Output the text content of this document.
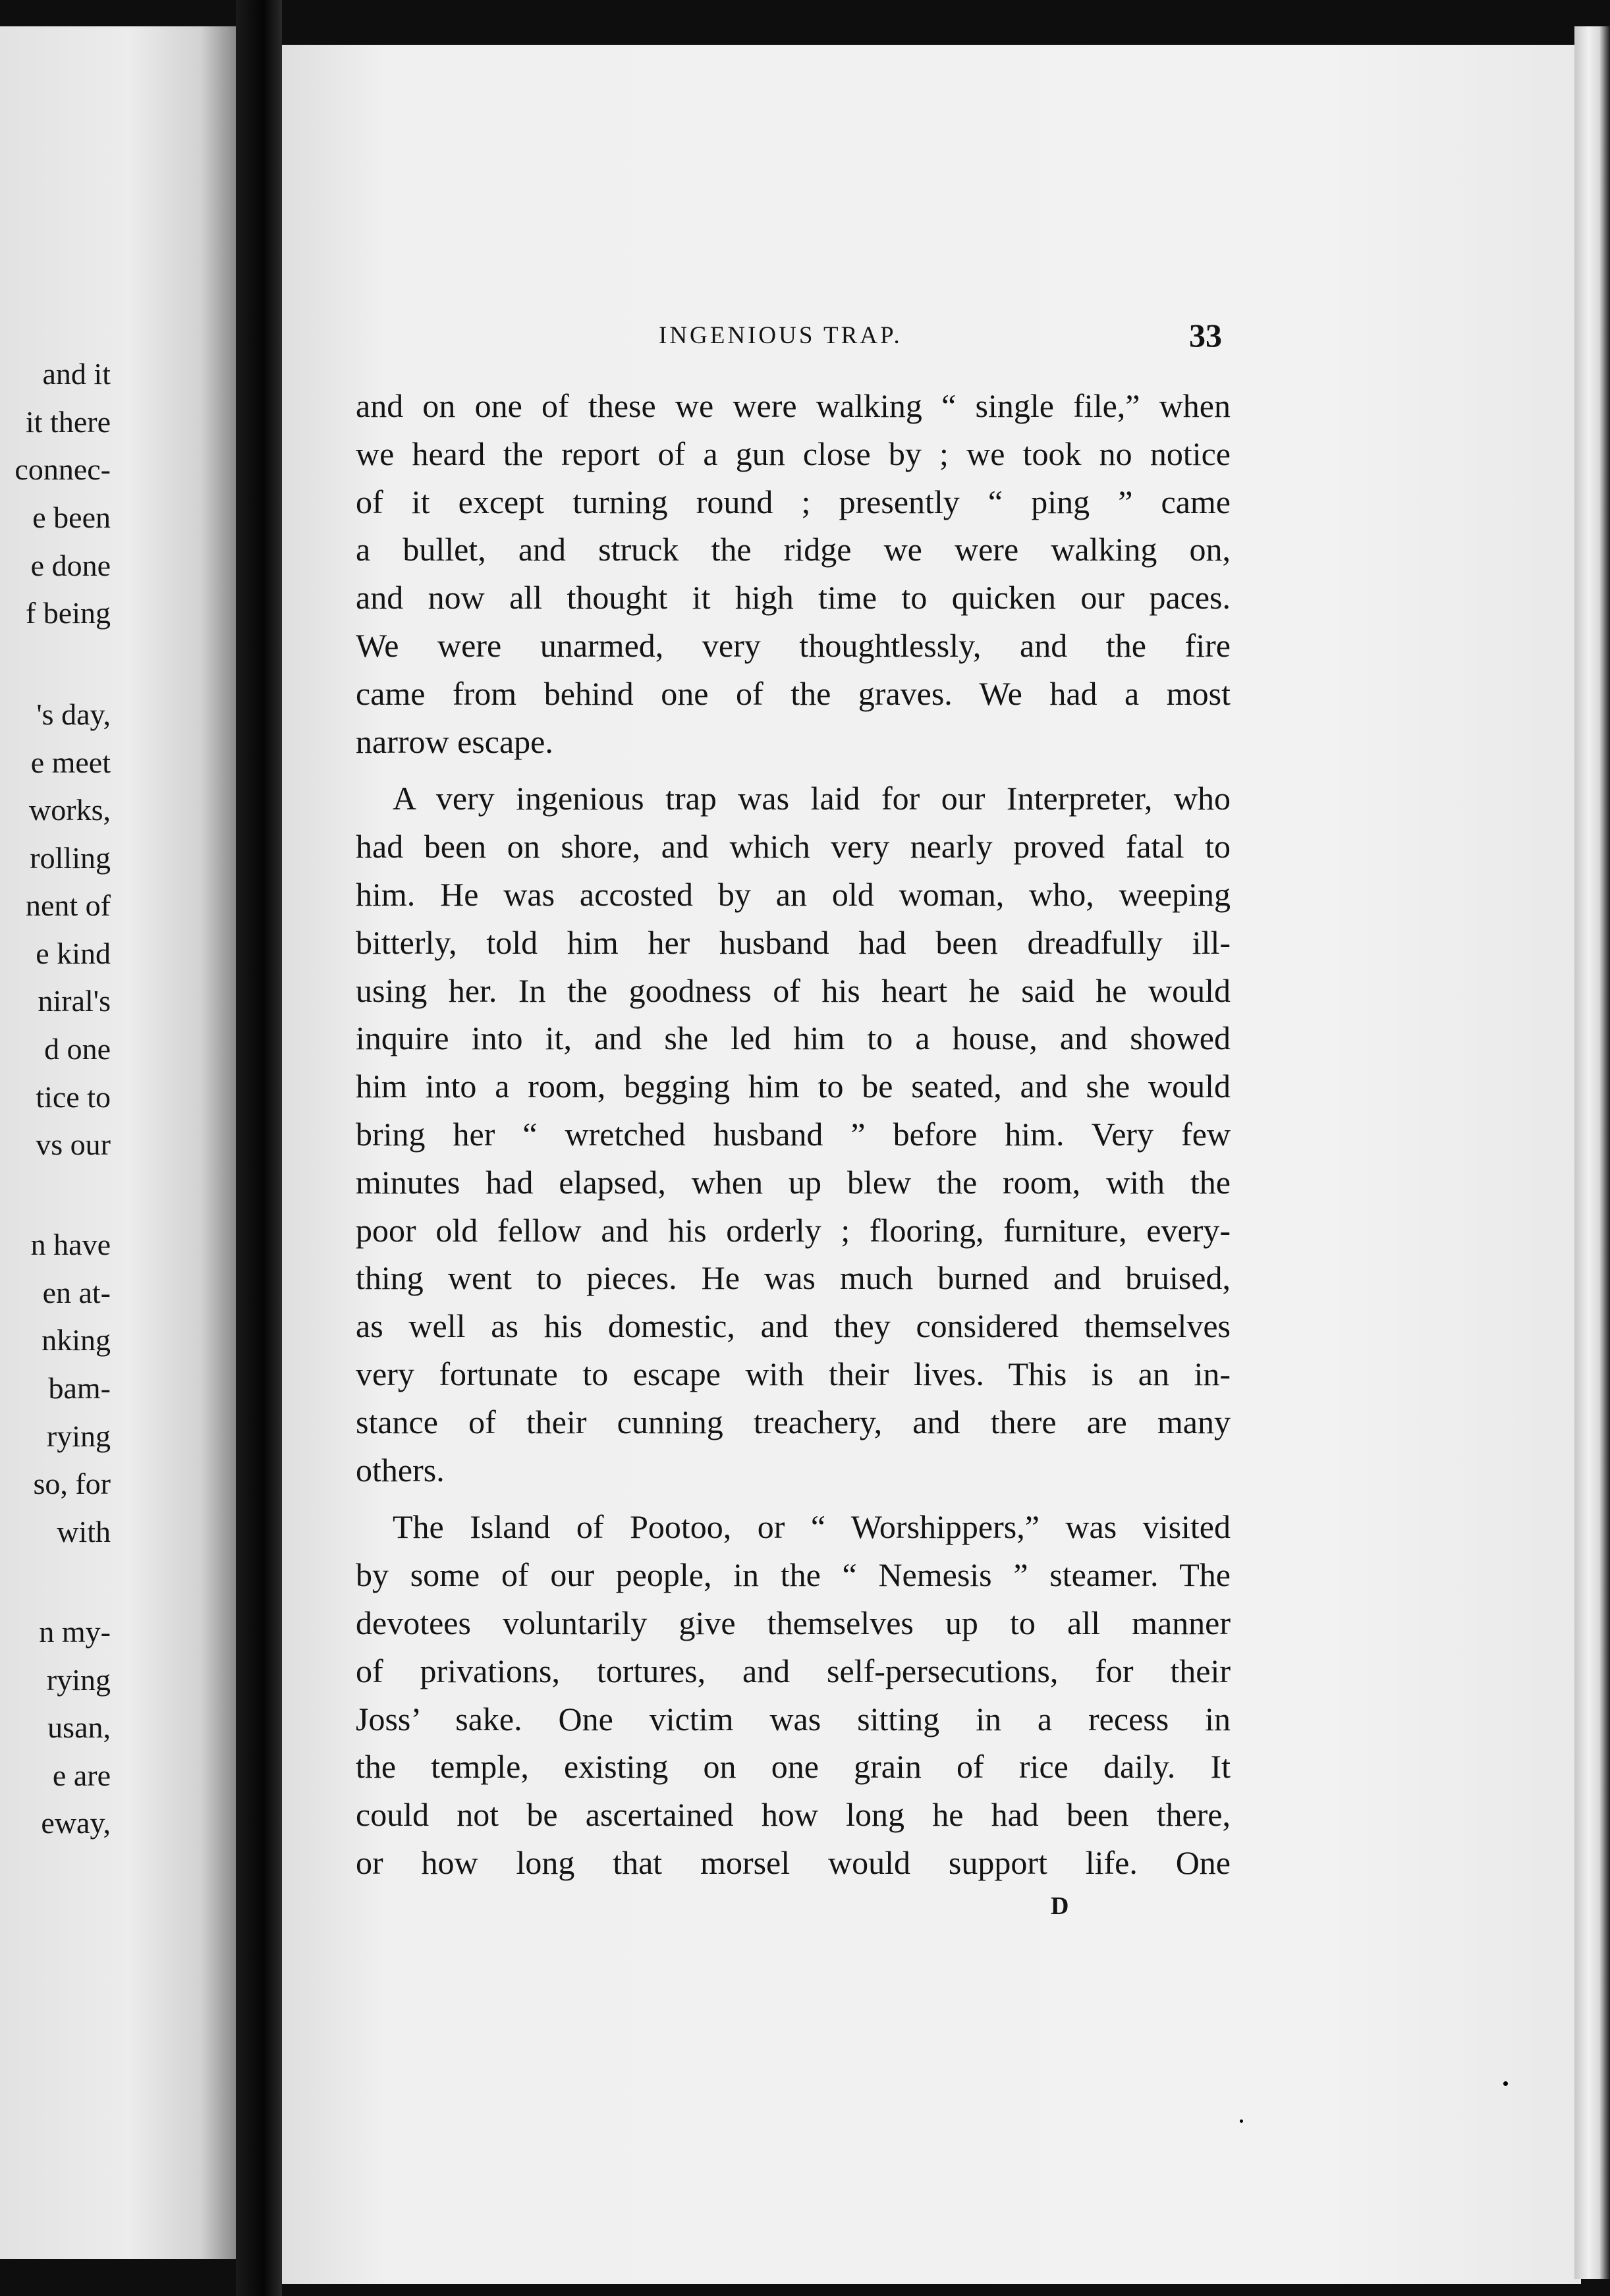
and it
it there
connec-
e been
e done
f being
's day,
e meet
works,
rolling
nent of
e kind
niral's
d one
tice to
vs our
n have
en at-
nking
bam-
rying
so, for
with
n my-
rying
usan,
e are
eway,
INGENIOUS TRAP.	33

and on one of these we were walking “ single file,” when

we heard the report of a gun close by ; we took no notice

of it except turning round ; presently “ ping ” came

a bullet, and struck the ridge we were walking on,

and now all thought it high time to quicken our paces.

We were unarmed, very thoughtlessly, and the fire

came from behind one of the graves. We had a most

narrow escape.

A very ingenious trap was laid for our Interpreter, who

had been on shore, and which very nearly proved fatal to

him. He was accosted by an old woman, who, weeping

bitterly, told him her husband had been dreadfully ill-

using her. In the goodness of his heart he said he would

inquire into it, and she led him to a house, and showed

him into a room, begging him to be seated, and she would

bring her “ wretched husband ” before him. Very few

minutes had elapsed, when up blew the room, with the

poor old fellow and his orderly ; flooring, furniture, every-

thing went to pieces. He was much burned and bruised,

as well as his domestic, and they considered themselves

very fortunate to escape with their lives. This is an in-

stance of their cunning treachery, and there are many

others.

The Island of Pootoo, or “ Worshippers,” was visited

by some of our people, in the “ Nemesis ” steamer. The

devotees voluntarily give themselves up to all manner

of privations, tortures, and self-persecutions, for their

Joss’ sake. One victim was sitting in a recess in

the temple, existing on one grain of rice daily. It

could not be ascertained how long he had been there,

or how long that morsel would support life. One

D
